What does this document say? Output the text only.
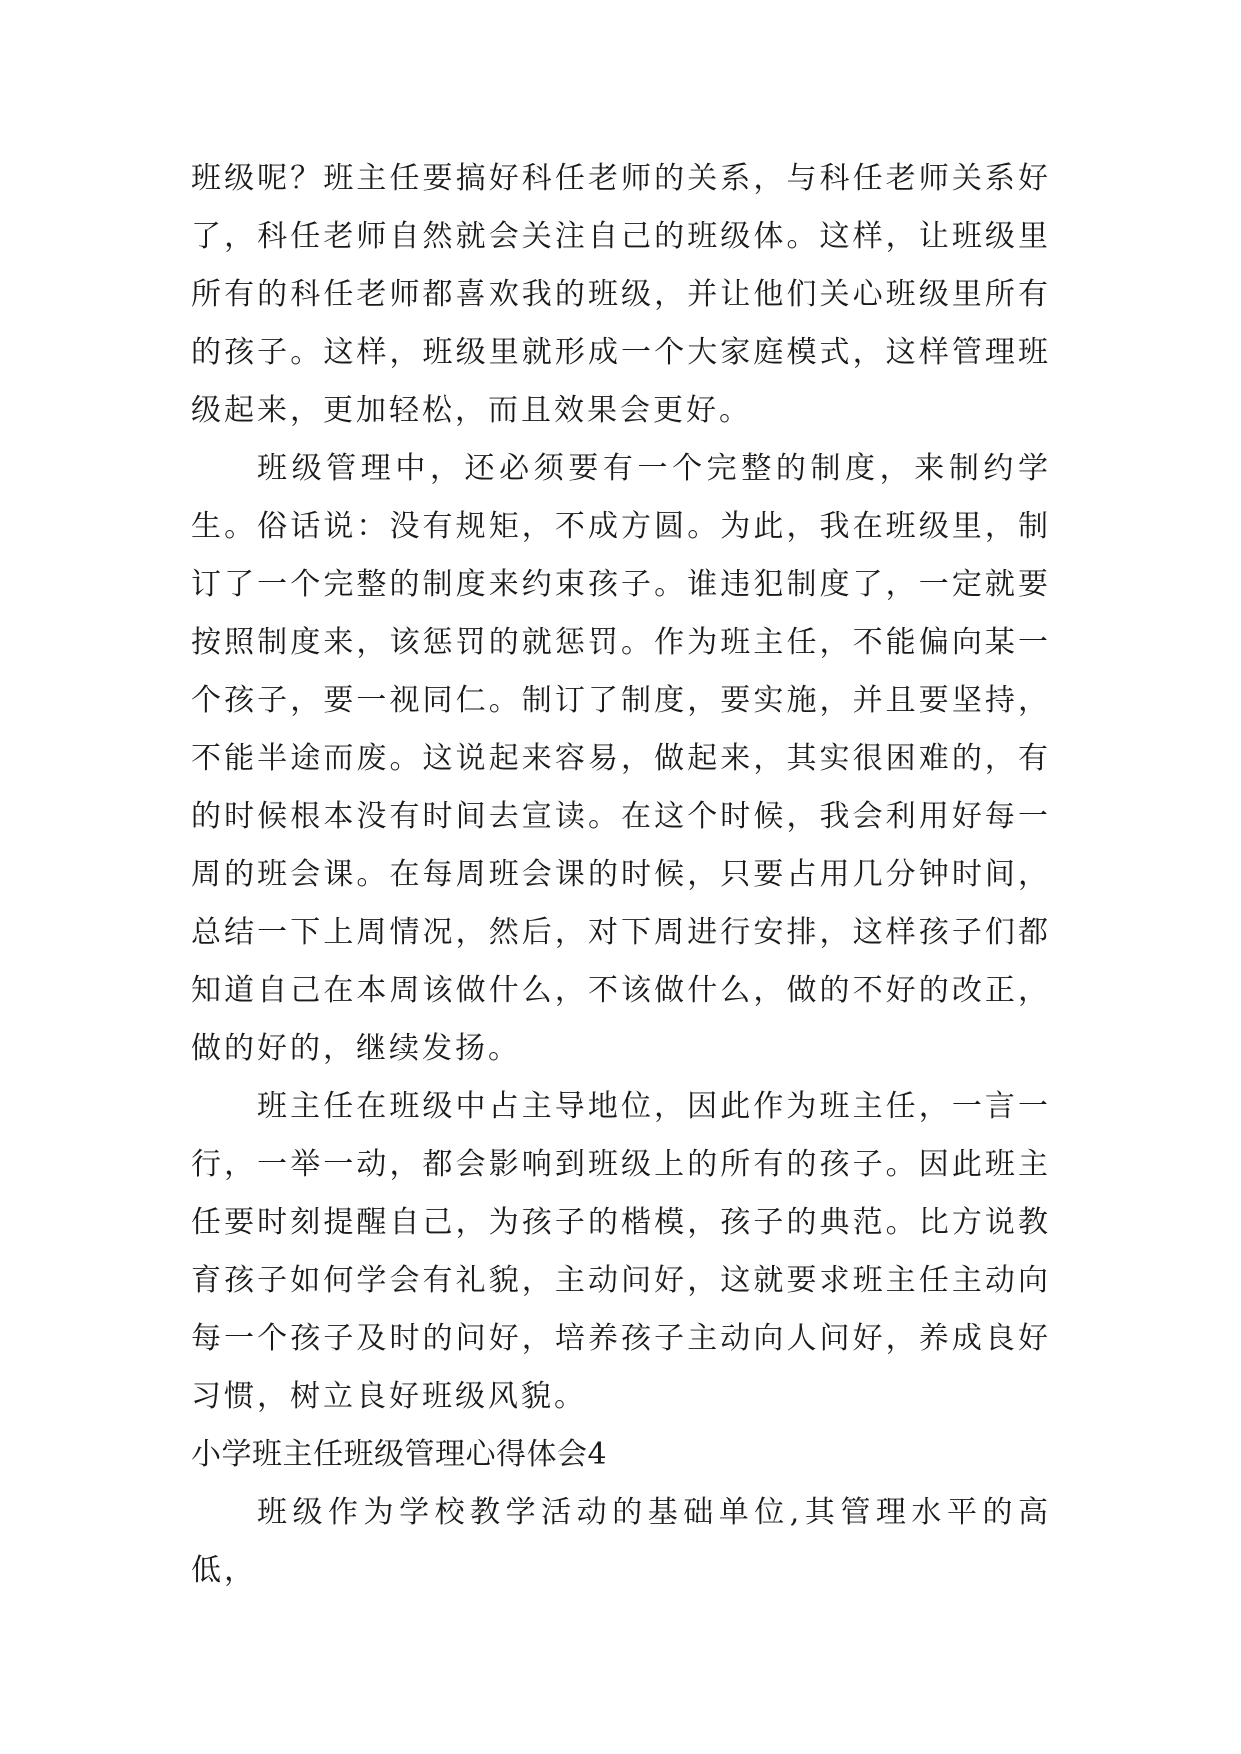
班级呢？班主任要搞好科任老师的关系，与科任老师关系好了，科任老师自然就会关注自己的班级体。这样，让班级里所有的科任老师都喜欢我的班级，并让他们关心班级里所有的孩子。这样，班级里就形成一个大家庭模式，这样管理班级起来，更加轻松，而且效果会更好。

班级管理中，还必须要有一个完整的制度，来制约学生。俗话说：没有规矩，不成方圆。为此，我在班级里，制订了一个完整的制度来约束孩子。谁违犯制度了，一定就要按照制度来，该惩罚的就惩罚。作为班主任，不能偏向某一个孩子，要一视同仁。制订了制度，要实施，并且要坚持，不能半途而废。这说起来容易，做起来，其实很困难的，有的时候根本没有时间去宣读。在这个时候，我会利用好每一周的班会课。在每周班会课的时候，只要占用几分钟时间，总结一下上周情况，然后，对下周进行安排，这样孩子们都知道自己在本周该做什么，不该做什么，做的不好的改正，做的好的，继续发扬。

班主任在班级中占主导地位，因此作为班主任，一言一行，一举一动，都会影响到班级上的所有的孩子。因此班主任要时刻提醒自己，为孩子的楷模，孩子的典范。比方说教育孩子如何学会有礼貌，主动问好，这就要求班主任主动向每一个孩子及时的问好，培养孩子主动向人问好，养成良好习惯，树立良好班级风貌。

小学班主任班级管理心得体会4

班级作为学校教学活动的基础单位,其管理水平的高低，
